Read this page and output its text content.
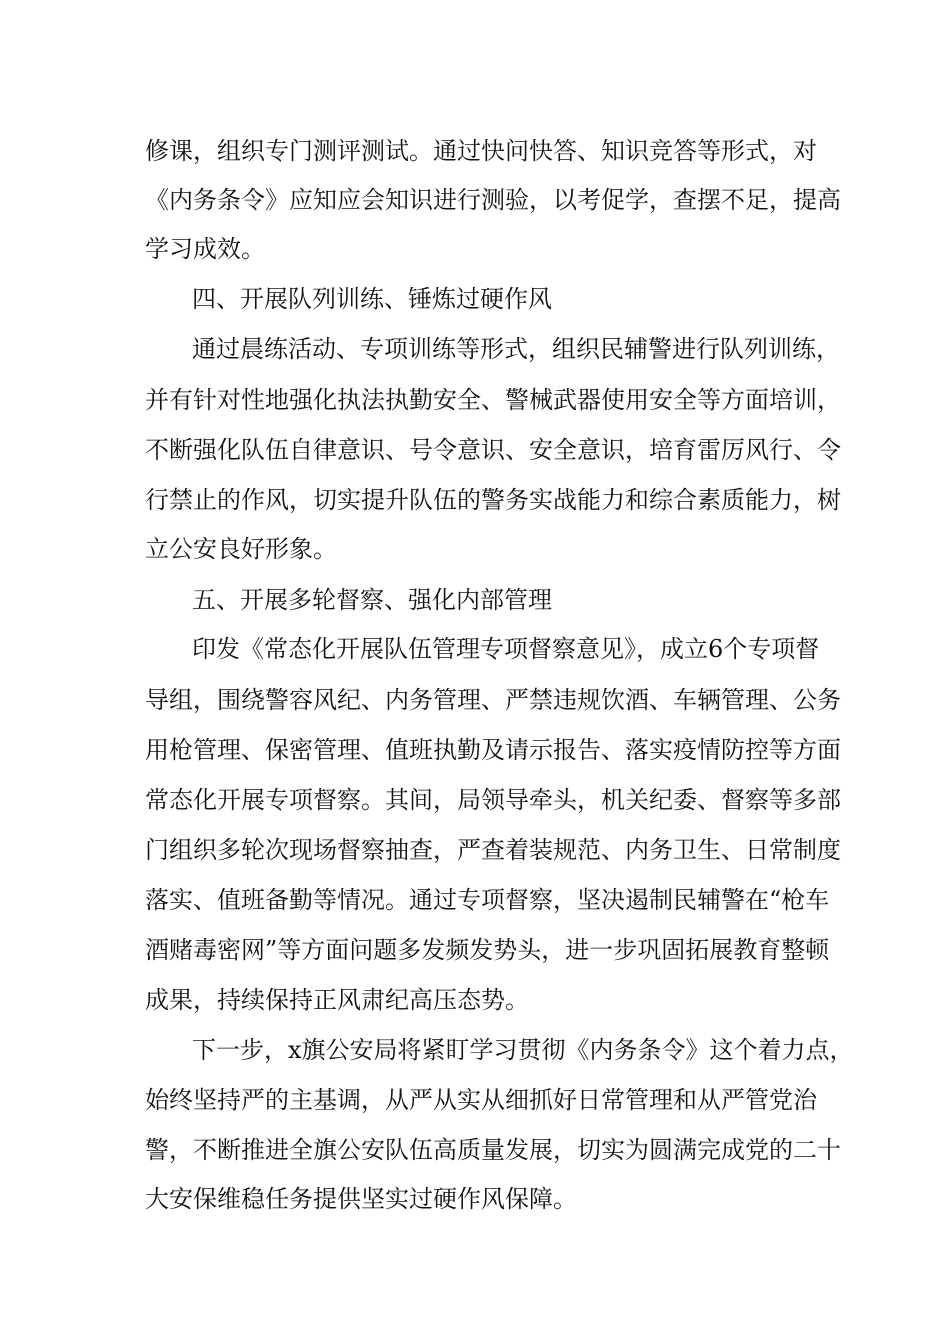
修课，组织专门测评测试。通过快问快答、知识竞答等形式，对
《内务条令》应知应会知识进行测验，以考促学，查摆不足，提高
学习成效。
四、开展队列训练、锤炼过硬作风
通过晨练活动、专项训练等形式，组织民辅警进行队列训练，
并有针对性地强化执法执勤安全、警械武器使用安全等方面培训，
不断强化队伍自律意识、号令意识、安全意识，培育雷厉风行、令
行禁止的作风，切实提升队伍的警务实战能力和综合素质能力，树
立公安良好形象。
五、开展多轮督察、强化内部管理
印发《常态化开展队伍管理专项督察意见》，成立6个专项督
导组，围绕警容风纪、内务管理、严禁违规饮酒、车辆管理、公务
用枪管理、保密管理、值班执勤及请示报告、落实疫情防控等方面
常态化开展专项督察。其间，局领导牵头，机关纪委、督察等多部
门组织多轮次现场督察抽查，严查着装规范、内务卫生、日常制度
落实、值班备勤等情况。通过专项督察，坚决遏制民辅警在“枪车
酒赌毒密网”等方面问题多发频发势头，进一步巩固拓展教育整顿
成果，持续保持正风肃纪高压态势。
下一步，x旗公安局将紧盯学习贯彻《内务条令》这个着力点，
始终坚持严的主基调，从严从实从细抓好日常管理和从严管党治
警，不断推进全旗公安队伍高质量发展，切实为圆满完成党的二十
大安保维稳任务提供坚实过硬作风保障。
